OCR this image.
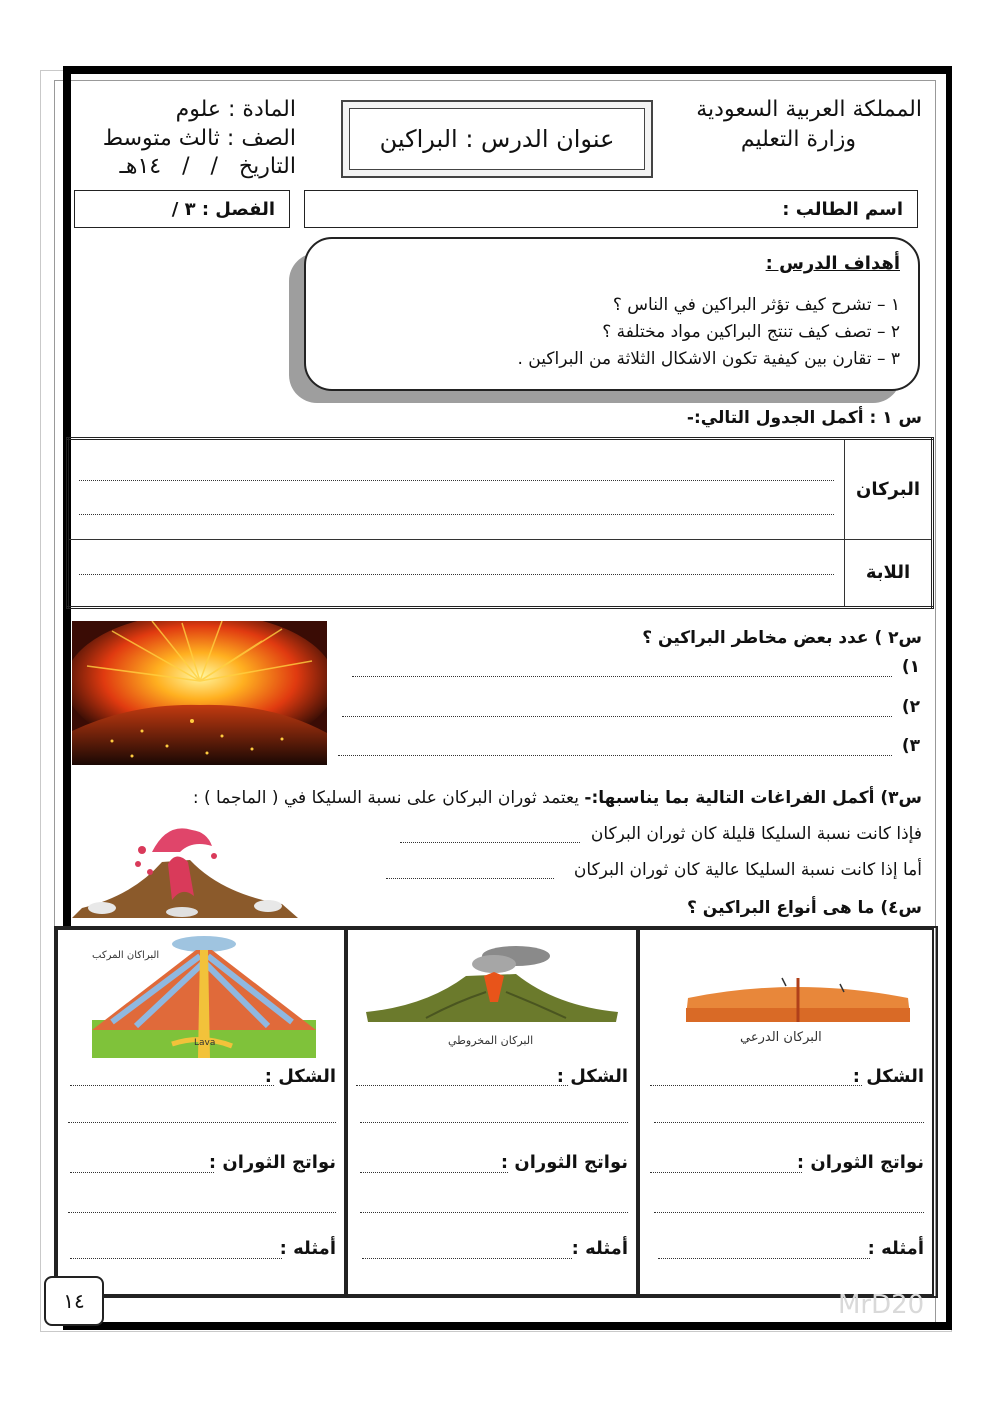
المملكة العربية السعودية
وزارة التعليم
عنوان الدرس : البراكين
المادة : علوم
الصف : ثالث متوسط
التاريخ   /   /   ١٤هـ
اسم الطالب :
الفصل : ٣ /
أهداف الدرس :
١ – تشرح كيف تؤثر البراكين في الناس ؟
٢ – تصف كيف تنتج البراكين مواد مختلفة ؟
٣ – تقارن بين كيفية تكون الاشكال الثلاثة من البراكين .
س ١ : أكمل الجدول التالي:-
البركان	

اللابة	
س٢ ) عدد بعض مخاطر البراكين ؟
١)
٢)
٣)
س٣) أكمل الفراغات التالية بما يناسبها:- يعتمد ثوران البركان على نسبة السليكا في ( الماجما ) :
فإذا كانت نسبة السليكا قليلة كان ثوران البركان
أما إذا كانت نسبة السليكا عالية كان ثوران البركان
س٤) ما هى أنواع البراكين ؟
البركان الدرعي
الشكل :
نواتج الثوران :
أمثله :
البركان المخروطي
الشكل :
نواتج الثوران :
أمثله :
البراكان المركب
Lava
الشكل :
نواتج الثوران :
أمثله :
MrD20
١٤
